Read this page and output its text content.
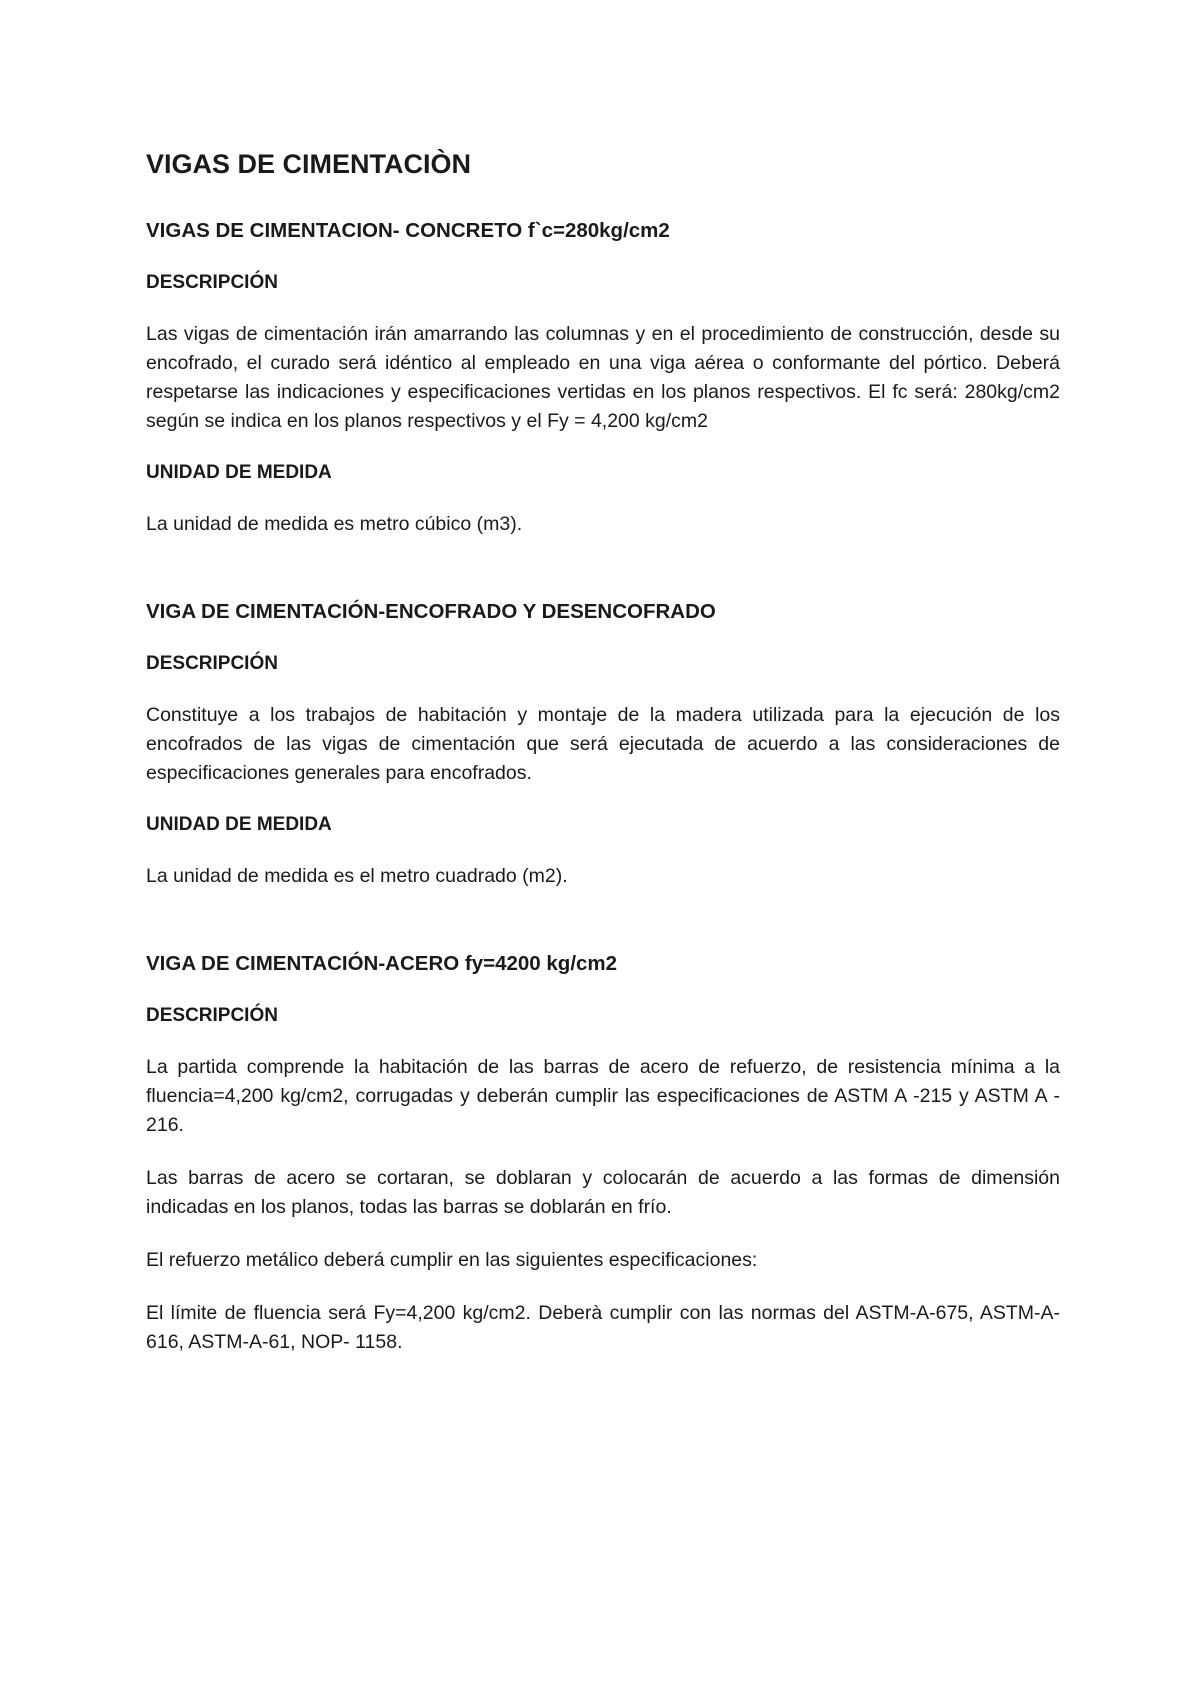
VIGAS DE CIMENTACIÒN
VIGAS DE CIMENTACION- CONCRETO f`c=280kg/cm2
DESCRIPCIÓN

Las vigas de cimentación irán amarrando las columnas y en el procedimiento de construcción, desde su encofrado, el curado será idéntico al empleado en una viga aérea o conformante del pórtico. Deberá respetarse las indicaciones y especificaciones vertidas en los planos respectivos. El fc será: 280kg/cm2 según se indica en los planos respectivos y el Fy = 4,200 kg/cm2

UNIDAD DE MEDIDA

La unidad de medida es metro cúbico (m3).

VIGA DE CIMENTACIÓN-ENCOFRADO Y DESENCOFRADO
DESCRIPCIÓN

Constituye a los trabajos de habitación y montaje de la madera utilizada para la ejecución de los encofrados de las vigas de cimentación que será ejecutada de acuerdo a las consideraciones de especificaciones generales para encofrados.

UNIDAD DE MEDIDA

La unidad de medida es el metro cuadrado (m2).

VIGA DE CIMENTACIÓN-ACERO fy=4200 kg/cm2
DESCRIPCIÓN

La partida comprende la habitación de las barras de acero de refuerzo, de resistencia mínima a la fluencia=4,200 kg/cm2, corrugadas y deberán cumplir las especificaciones de ASTM A -215 y ASTM A - 216.

Las barras de acero se cortaran, se doblaran y colocarán de acuerdo a las formas de dimensión indicadas en los planos, todas las barras se doblarán en frío.

El refuerzo metálico deberá cumplir en las siguientes especificaciones:

El límite de fluencia será Fy=4,200 kg/cm2. Deberà cumplir con las normas del ASTM-A-675, ASTM-A-616, ASTM-A-61, NOP- 1158.
